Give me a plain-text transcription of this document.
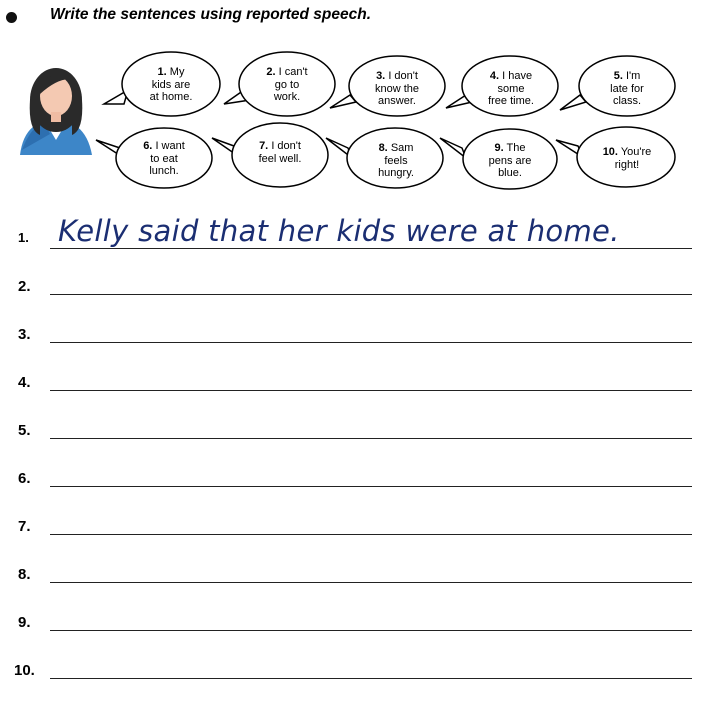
Write the sentences using reported speech.
1. My
kids are
at home.
2. I can't
go to
work.
3. I don't
know the
answer.
4. I have
some
free time.
5. I'm
late for
class.
6. I want
to eat
lunch.
7. I don't
feel well.
8. Sam
feels
hungry.
9. The
pens are
blue.
10. You're
right!
1. Kelly said that her kids were at home.
2.
3.
4.
5.
6.
7.
8.
9.
10.
